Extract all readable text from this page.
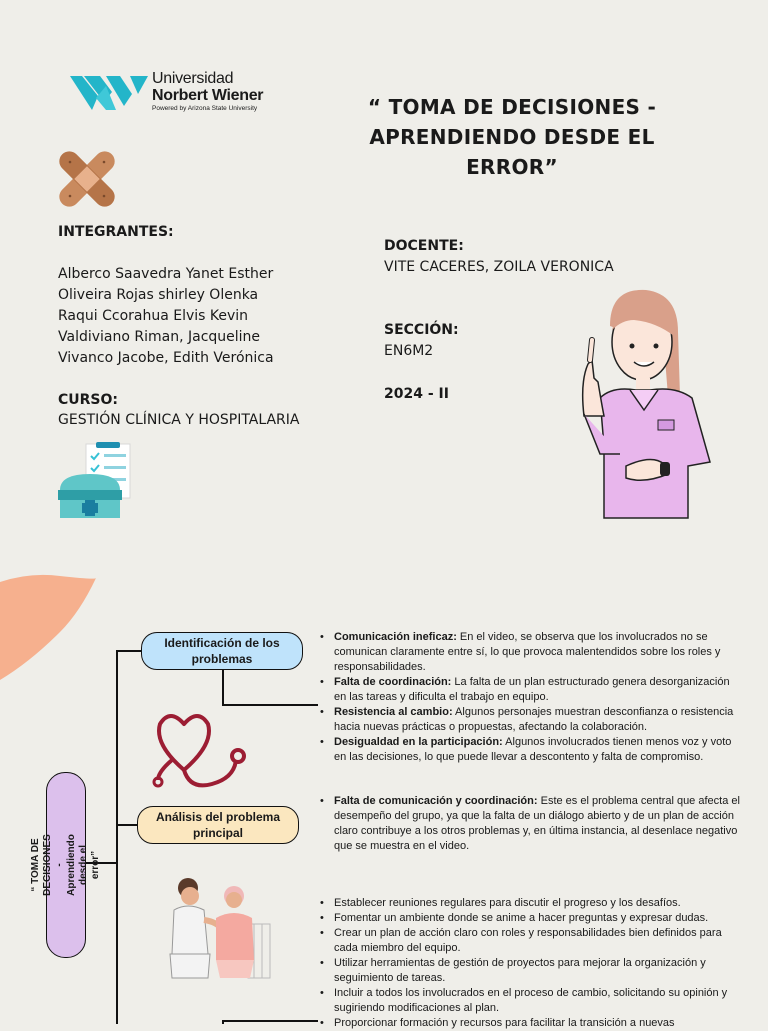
Universidad
Norbert Wiener
Powered by Arizona State University	“ TOMA DE DECISIONES - APRENDIENDO DESDE EL ERROR”
INTEGRANTES:
Alberco Saavedra Yanet Esther
Oliveira Rojas shirley Olenka
Raqui Ccorahua Elvis Kevin
Valdiviano Riman, Jacqueline
Vivanco Jacobe, Edith Verónica
CURSO:
GESTIÓN CLÍNICA Y HOSPITALARIA
DOCENTE:
VITE CACERES, ZOILA VERONICA
SECCIÓN:
EN6M2
2024 - II
“ TOMA DE DECISIONES - Aprendiendo desde el error”
Identificación de los problemas
Análisis del problema principal
• Comunicación ineficaz: En el video, se observa que los involucrados no se comunican claramente entre sí, lo que provoca malentendidos sobre los roles y responsabilidades.
• Falta de coordinación: La falta de un plan estructurado genera desorganización en las tareas y dificulta el trabajo en equipo.
• Resistencia al cambio: Algunos personajes muestran desconfianza o resistencia hacia nuevas prácticas o propuestas, afectando la colaboración.
• Desigualdad en la participación: Algunos involucrados tienen menos voz y voto en las decisiones, lo que puede llevar a descontento y falta de compromiso.
• Falta de comunicación y coordinación: Este es el problema central que afecta el desempeño del grupo, ya que la falta de un diálogo abierto y de un plan de acción claro contribuye a los otros problemas y, en última instancia, al desenlace negativo que se muestra en el video.
• Establecer reuniones regulares para discutir el progreso y los desafíos.
• Fomentar un ambiente donde se anime a hacer preguntas y expresar dudas.
• Crear un plan de acción claro con roles y responsabilidades bien definidos para cada miembro del equipo.
• Utilizar herramientas de gestión de proyectos para mejorar la organización y seguimiento de tareas.
• Incluir a todos los involucrados en el proceso de cambio, solicitando su opinión y sugiriendo modificaciones al plan.
• Proporcionar formación y recursos para facilitar la transición a nuevas
